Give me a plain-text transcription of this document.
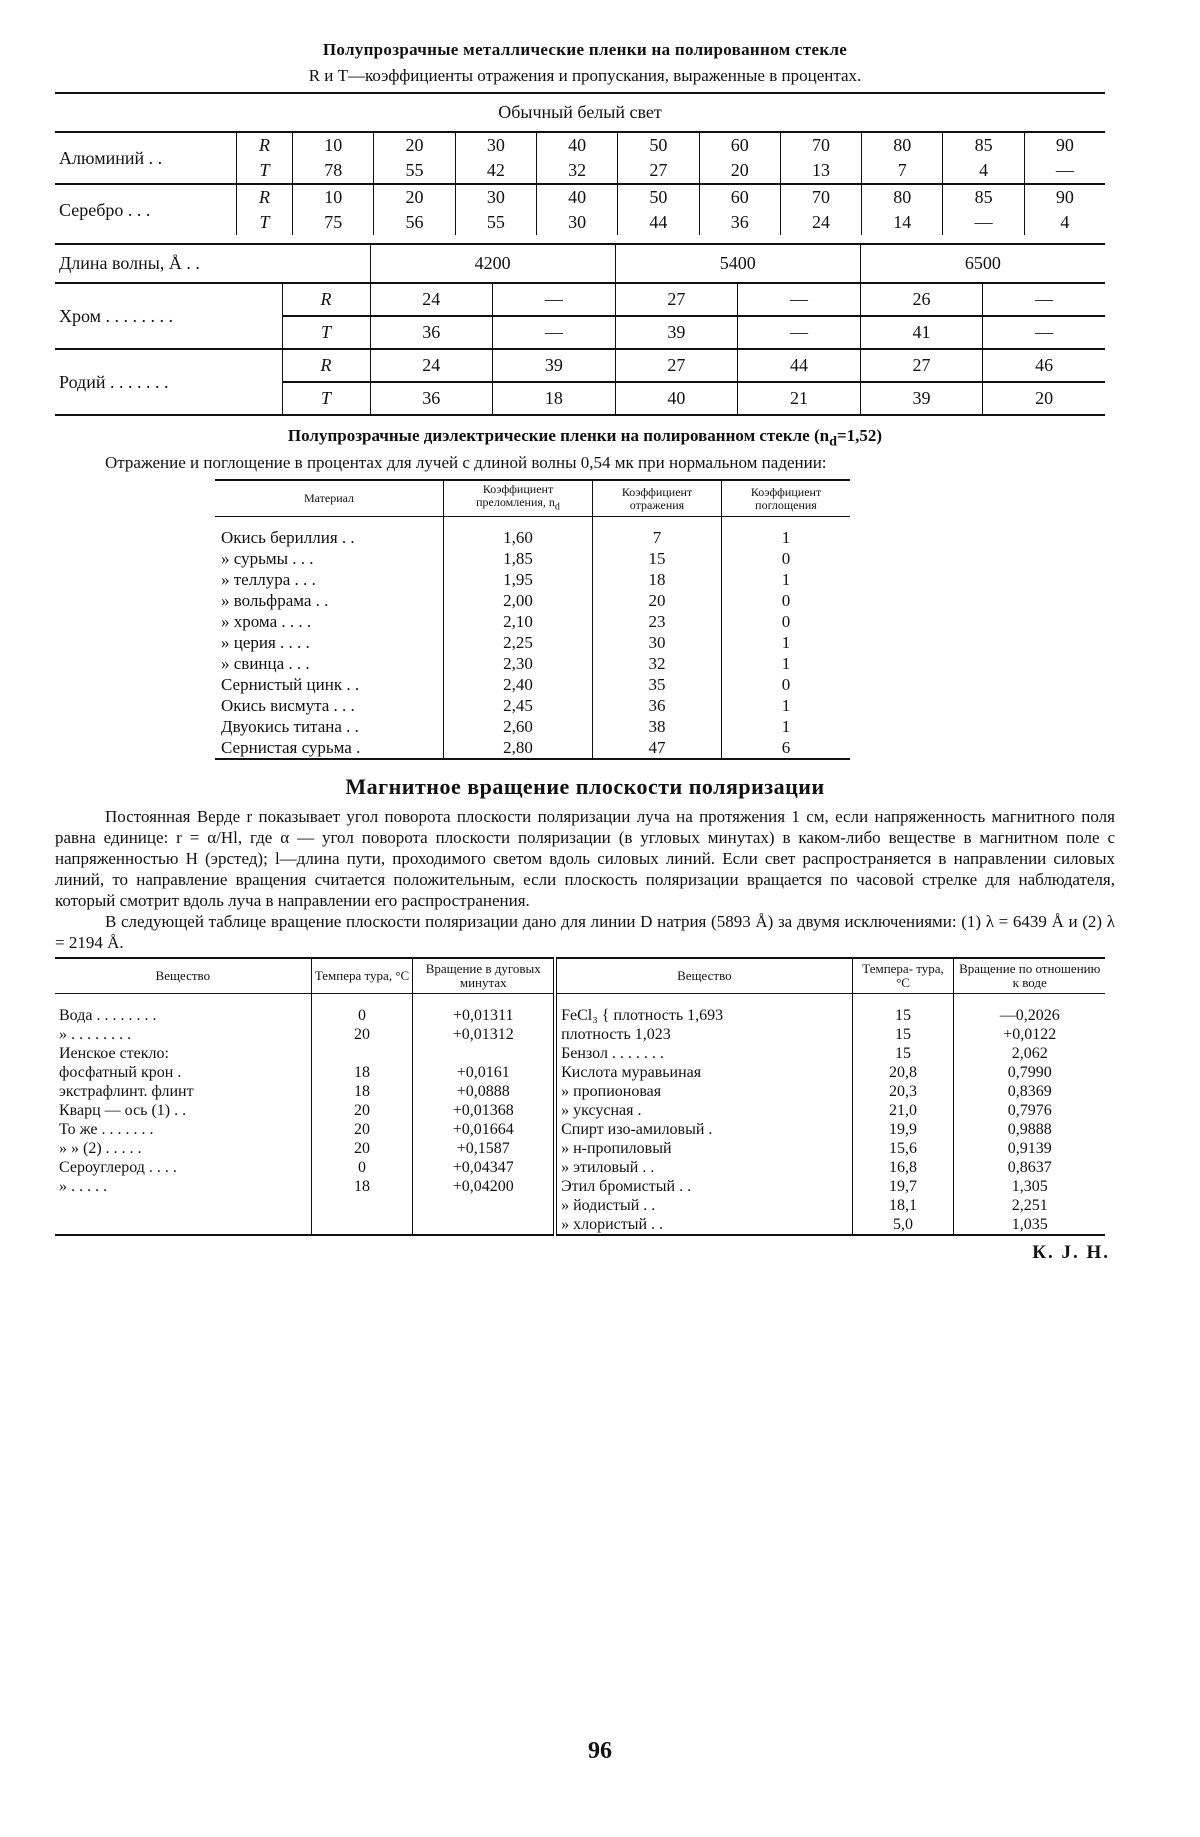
Полупрозрачные металлические пленки на полированном стекле
R и T—коэффициенты отражения и пропускания, выраженные в процентах.
Обычный белый свет											
Алюминий . .	R	10	20	30	40	50	60	70	80	85	90
	T	78	55	42	32	27	20	13	7	4	—
Серебро . . .	R	10	20	30	40	50	60	70	80	85	90
	T	75	56	55	30	44	36	24	14	—	4
Длина волны, Å . .		4200		5400		6500	
Хром . . . . . . . .	R	24	—	27	—	26	—
	T	36	—	39	—	41	—
Родий . . . . . . .	R	24	39	27	44	27	46
	T	36	18	40	21	39	20
Полупрозрачные диэлектрические пленки на полированном стекле $(n_d=1,52)$

Отражение и поглощение в процентах для лучей с длиной волны 0,54 мк при нормальном падении:

Материал	Коэффициент преломления, $n_d$	Коэффициент отражения	Коэффициент поглощения
Окись бериллия . .	1,60	7	1
» сурьмы . . .	1,85	15	0
» теллура . . .	1,95	18	1
» вольфрама . .	2,00	20	0
» хрома . . . .	2,10	23	0
» церия . . . .	2,25	30	1
» свинца . . .	2,30	32	1
Сернистый цинк . .	2,40	35	0
Окись висмута . . .	2,45	36	1
Двуокись титана . .	2,60	38	1
Сернистая сурьма .	2,80	47	6
Магнитное вращение плоскости поляризации

Постоянная Верде r показывает угол поворота плоскости поляризации луча на протяжения 1 см, если напряженность магнитного поля равна единице: r = α/Hl, где α — угол поворота плоскости поляризации (в угловых минутах) в каком-либо веществе в магнитном поле с напряженностью H (эрстед); l—длина пути, проходимого светом вдоль силовых линий. Если свет распространяется в направлении силовых линий, то направление вращения считается положительным, если плоскость поляризации вращается по часовой стрелке для наблюдателя, который смотрит вдоль луча в направлении его распространения.

В следующей таблице вращение плоскости поляризации дано для линии D натрия (5893 Å) за двумя исключениями: (1) λ = 6439 Å и (2) λ = 2194 Å.

Вещество	Темпера тура, °C	Вращение в дуговых минутах	Вещество	Темпера- тура, °C	Вращение по отношению к воде
Вода . . . . . . . .	0	+0,01311	FeCl₃ { плотность 1,693	15	—0,2026
» . . . . . . . .	20	+0,01312	плотность 1,023	15	+0,0122
Иенское стекло:			Бензол . . . . . . .	15	2,062
фосфатный крон .	18	+0,0161	Кислота муравьиная	20,8	0,7990
экстрафлинт. флинт	18	+0,0888	» пропионовая	20,3	0,8369
Кварц — ось (1) . .	20	+0,01368	» уксусная .	21,0	0,7976
То же . . . . . . .	20	+0,01664	Спирт изо-амиловый .	19,9	0,9888
» » (2) . . . . .	20	+0,1587	» н-пропиловый	15,6	0,9139
Сероуглерод . . . .	0	+0,04347	» этиловый . .	16,8	0,8637
» . . . . .	18	+0,04200	Этил бромистый . .	19,7	1,305
			» йодистый . .	18,1	2,251
			» хлористый . .	5,0	1,035
К. J. Н.
96
